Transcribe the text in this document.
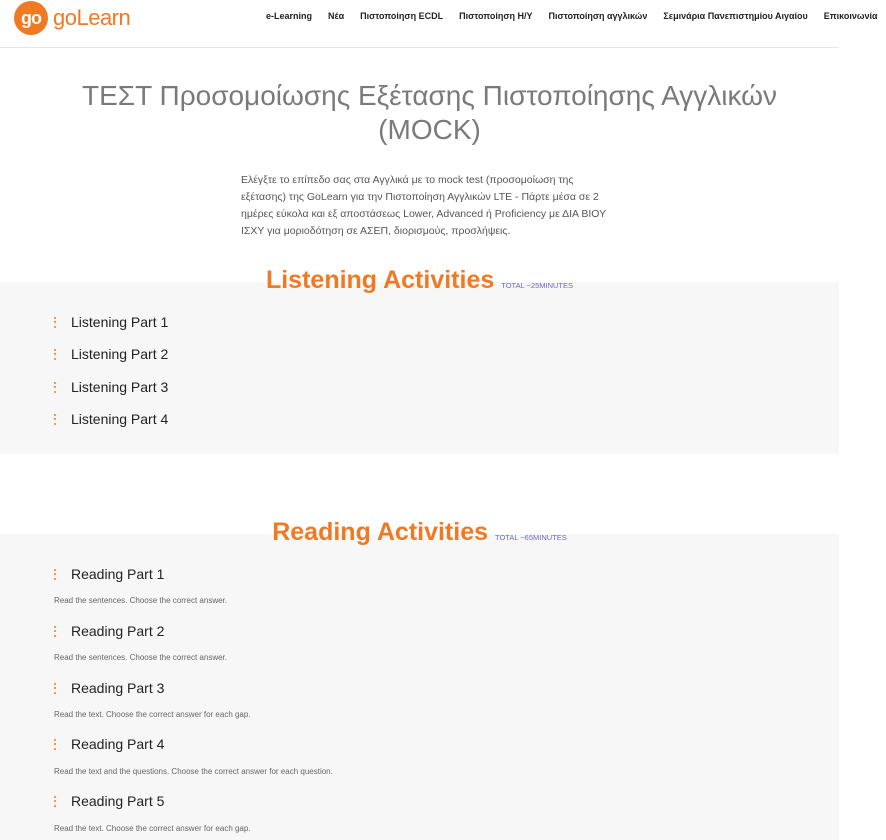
go goLearn	e-Learning	Νέα	Πιστοποίηση ECDL	Πιστοποίηση Η/Υ	Πιστοποίηση αγγλικών	Σεμινάρια Πανεπιστημίου Αιγαίου	Επικοινωνία
ΤΕΣΤ Προσομοίωσης Εξέτασης Πιστοποίησης Αγγλικών (MOCK)

Ελέγξτε το επίπεδο σας στα Αγγλικά με το mock test (προσομοίωση της εξέτασης) της GoLearn για την Πιστοποίηση Αγγλικών LTE - Πάρτε μέσα σε 2 ημέρες εύκολα και εξ αποστάσεως Lower, Advanced ή Proficiency με ΔΙΑ ΒΙΟΥ ΙΣΧΥ για μοριοδότηση σε ΑΣΕΠ, διορισμούς, προσλήψεις.

Listening Activities TOTAL ~25MINUTES
Listening Part 1
Listening Part 2
Listening Part 3
Listening Part 4
Reading Activities TOTAL ~65MINUTES
Reading Part 1
Read the sentences. Choose the correct answer.
Reading Part 2
Read the sentences. Choose the correct answer.
Reading Part 3
Read the text. Choose the correct answer for each gap.
Reading Part 4
Read the text and the questions. Choose the correct answer for each question.
Reading Part 5
Read the text. Choose the correct answer for each gap.
